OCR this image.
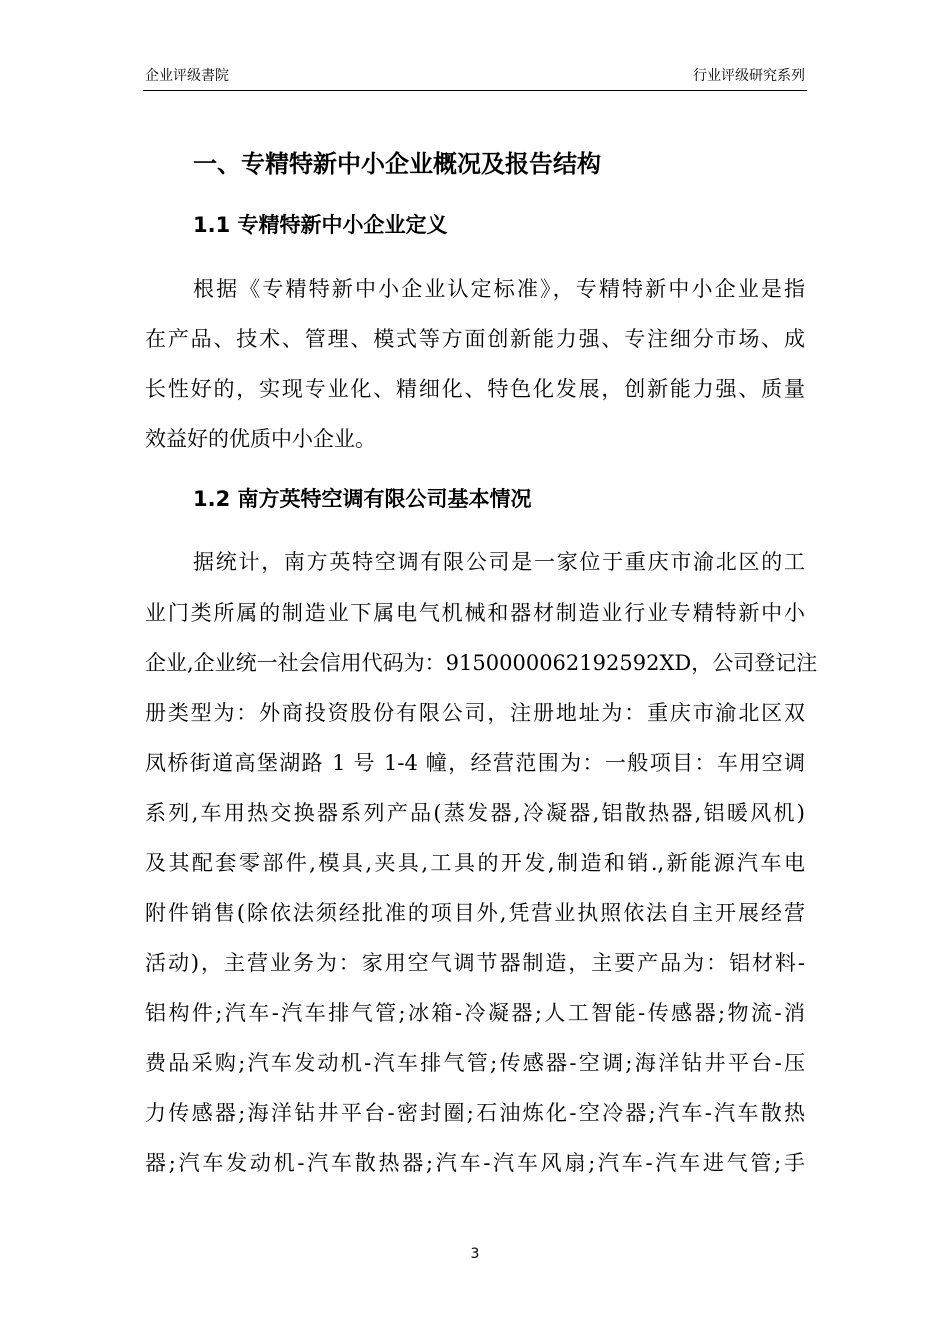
企业评级書院	行业评级研究系列
一、专精特新中小企业概况及报告结构
1.1 专精特新中小企业定义
根据《专精特新中小企业认定标准》，专精特新中小企业是指
在产品、技术、管理、模式等方面创新能力强、专注细分市场、成
长性好的，实现专业化、精细化、特色化发展，创新能力强、质量
效益好的优质中小企业。
1.2 南方英特空调有限公司基本情况
据统计，南方英特空调有限公司是一家位于重庆市渝北区的工
业门类所属的制造业下属电气机械和器材制造业行业专精特新中小
企业,企业统一社会信用代码为：9150000062192592XD，公司登记注
册类型为：外商投资股份有限公司，注册地址为：重庆市渝北区双
凤桥街道高堡湖路 1 号 1-4 幢，经营范围为：一般项目：车用空调
系列,车用热交换器系列产品(蒸发器,冷凝器,铝散热器,铝暖风机)
及其配套零部件,模具,夹具,工具的开发,制造和销.,新能源汽车电
附件销售(除依法须经批准的项目外,凭营业执照依法自主开展经营
活动)，主营业务为：家用空气调节器制造，主要产品为：铝材料-
铝构件;汽车-汽车排气管;冰箱-冷凝器;人工智能-传感器;物流-消
费品采购;汽车发动机-汽车排气管;传感器-空调;海洋钻井平台-压
力传感器;海洋钻井平台-密封圈;石油炼化-空冷器;汽车-汽车散热
器;汽车发动机-汽车散热器;汽车-汽车风扇;汽车-汽车进气管;手
3
